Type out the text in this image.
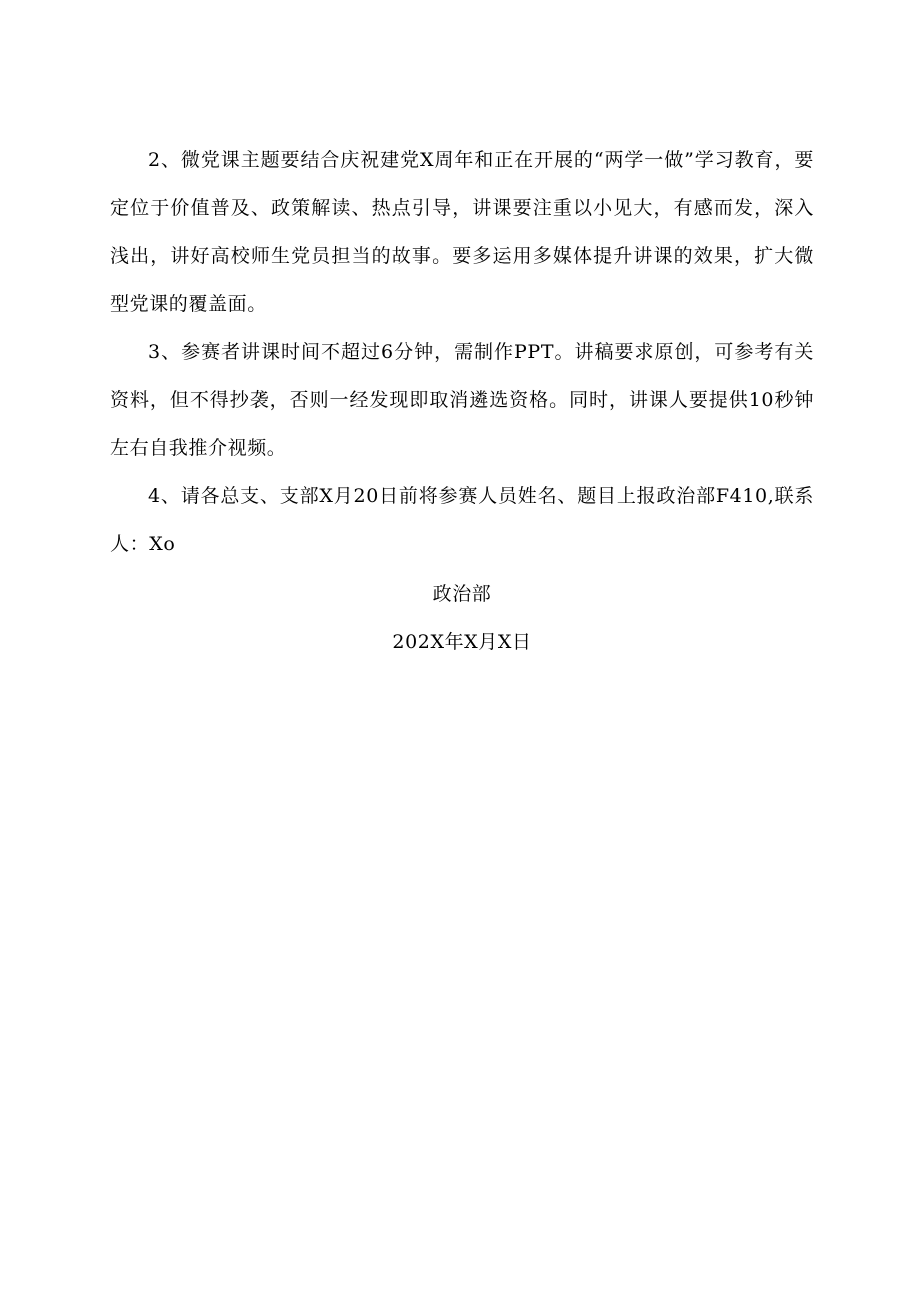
2、微党课主题要结合庆祝建党X周年和正在开展的“两学一做”学习教育，要定位于价值普及、政策解读、热点引导，讲课要注重以小见大，有感而发，深入浅出，讲好高校师生党员担当的故事。要多运用多媒体提升讲课的效果，扩大微型党课的覆盖面。

3、参赛者讲课时间不超过6分钟，需制作PPT。讲稿要求原创，可参考有关资料，但不得抄袭，否则一经发现即取消遴选资格。同时，讲课人要提供10秒钟左右自我推介视频。

4、请各总支、支部X月20日前将参赛人员姓名、题目上报政治部F410,联系人：Xo

政治部
202X年X月X日
